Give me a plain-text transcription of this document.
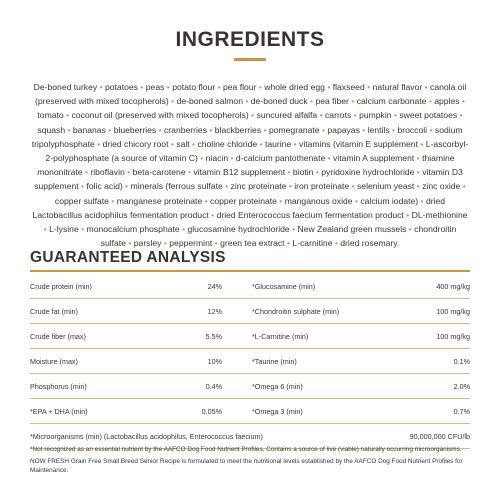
INGREDIENTS
De-boned turkey • potatoes • peas • potato flour • pea flour • whole dried egg • flaxseed • natural flavor • canola oil (preserved with mixed tocopherols) • de-boned salmon • de-boned duck • pea fiber • calcium carbonate • apples • tomato • coconut oil (preserved with mixed tocopherols) • suncured alfalfa • carrots • pumpkin • sweet potatoes • squash • bananas • blueberries • cranberries • blackberries • pomegranate • papayas • lentils • broccoli • sodium tripolyphosphate • dried chicory root • salt • choline chloride • taurine • vitamins (vitamin E supplement • L-ascorbyl-2-polyphosphate (a source of vitamin C) • niacin • d-calcium pantothenate • vitamin A supplement • thiamine mononitrate • riboflavin • beta-carotene • vitamin B12 supplement • biotin • pyridoxine hydrochloride • vitamin D3 supplement • folic acid) • minerals (ferrous sulfate • zinc proteinate • iron proteinate • selenium yeast • zinc oxide • copper sulfate • manganese proteinate • copper proteinate • manganous oxide • calcium iodate) • dried Lactobacillus acidophilus fermentation product • dried Enterococcus faecium fermentation product • DL-methionine • L-lysine • monocalcium phosphate • glucosamine hydrochloride • New Zealand green mussels • chondroitin sulfate • parsley • peppermint • green tea extract • L-carnitine • dried rosemary.
GUARANTEED ANALYSIS
Crude protein (min)	24%	*Glucosamine (min)	400 mg/kg
Crude fat (min)	12%	*Chondroitin sulphate (min)	100 mg/kg
Crude fiber (max)	5.5%	*L-Carnitine (min)	100 mg/kg
Moisture (max)	10%	*Taurine (min)	0.1%
Phosphorus (min)	0.4%	*Omega 6 (min)	2.0%
*EPA + DHA (min)	0.05%	*Omega 3 (min)	0.7%
*Microorganisms (min) (Lactobacillus acidophilus, Enterococcus faecium)	90,000,000 CFU/lb

*Not recognized as an essential nutrient by the AAFCO Dog Food Nutrient Profiles. Contains a source of live (viable) naturally occurring microorganisms.

NOW FRESH Grain Free Small Breed Senior Recipe is formulated to meet the nutritional levels established by the AAFCO Dog Food Nutrient Profiles for Maintenance.
